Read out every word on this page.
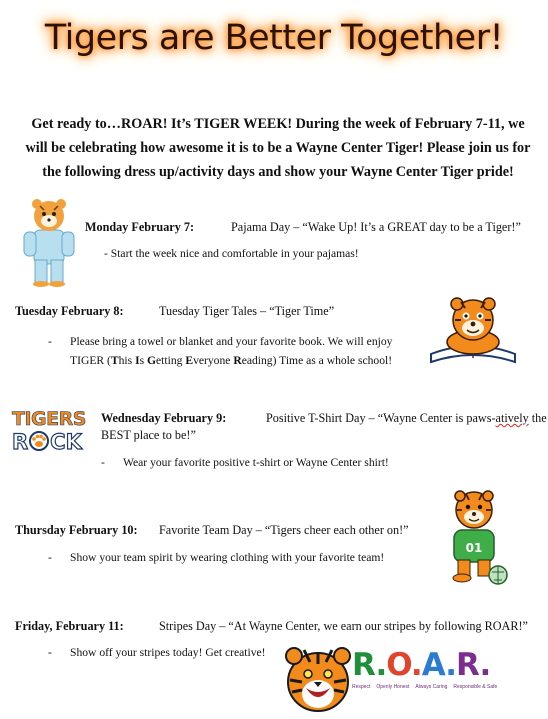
Tigers are Better Together!
Get ready to…ROAR! It’s TIGER WEEK! During the week of February 7-11, we will be celebrating how awesome it is to be a Wayne Center Tiger! Please join us for the following dress up/activity days and show your Wayne Center Tiger pride!
Monday February 7:	Pajama Day – “Wake Up! It’s a GREAT day to be a Tiger!”
- Start the week nice and comfortable in your pajamas!
Tuesday February 8:	Tuesday Tiger Tales – “Tiger Time”
- Please bring a towel or blanket and your favorite book. We will enjoy
TIGER (This Is Getting Everyone Reading) Time as a whole school!
TIGERS
R CK
Wednesday February 9:	Positive T-Shirt Day – “Wayne Center is paws-atively the
BEST place to be!”
- Wear your favorite positive t-shirt or Wayne Center shirt!
Thursday February 10: Favorite Team Day – “Tigers cheer each other on!”
- Show your team spirit by wearing clothing with your favorite team!
01
Friday, February 11:	Stripes Day – “At Wayne Center, we earn our stripes by following ROAR!”
- Show off your stripes today! Get creative!	R.O.A.R.
Respect Openly Honest Always Caring Responsible & Safe
